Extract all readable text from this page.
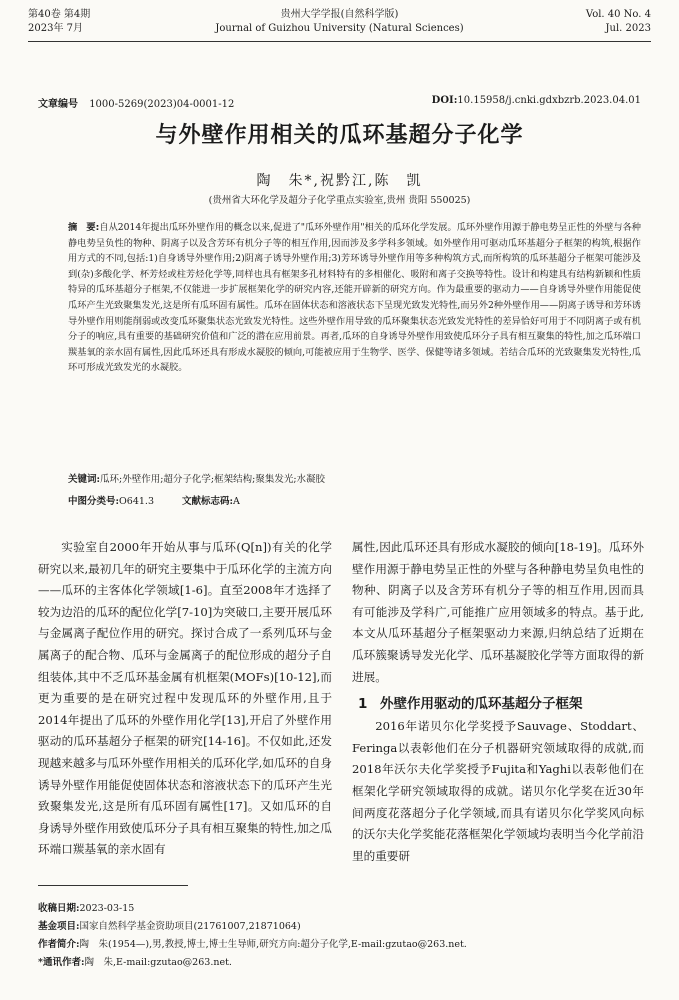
第40卷 第4期
2023年 7月
贵州大学学报(自然科学版)
Journal of Guizhou University (Natural Sciences)
Vol. 40 No. 4
Jul. 2023
文章编号 1000-5269(2023)04-0001-12	DOI:10.15958/j.cnki.gdxbzrb.2023.04.01
与外壁作用相关的瓜环基超分子化学
陶　朱*,祝黔江,陈　凯
(贵州省大环化学及超分子化学重点实验室,贵州 贵阳 550025)
摘　要:自从2014年提出瓜环外壁作用的概念以来,促进了"瓜环外壁作用"相关的瓜环化学发展。瓜环外壁作用源于静电势呈正性的外壁与各种静电势呈负性的物种、阴离子以及含芳环有机分子等的相互作用,因而涉及多学科多领域。如外壁作用可驱动瓜环基超分子框架的构筑,根据作用方式的不同,包括:1)自身诱导外壁作用;2)阴离子诱导外壁作用;3)芳环诱导外壁作用等多种构筑方式,而所构筑的瓜环基超分子框架可能涉及到(杂)多酸化学、杯芳烃或柱芳烃化学等,同样也具有框架多孔材料特有的多相催化、吸附和离子交换等特性。设计和构建具有结构新颖和性质特异的瓜环基超分子框架,不仅能进一步扩展框架化学的研究内容,还能开辟新的研究方向。作为最重要的驱动力——自身诱导外壁作用能促使瓜环产生光致聚集发光,这是所有瓜环固有属性。瓜环在固体状态和溶液状态下呈现光致发光特性,而另外2种外壁作用——阴离子诱导和芳环诱导外壁作用则能削弱或改变瓜环聚集状态光致发光特性。这些外壁作用导致的瓜环聚集状态光致发光特性的差异恰好可用于不同阴离子或有机分子的响应,具有重要的基础研究价值和广泛的潜在应用前景。再者,瓜环的自身诱导外壁作用致使瓜环分子具有相互聚集的特性,加之瓜环端口羰基氧的亲水固有属性,因此瓜环还具有形成水凝胶的倾向,可能被应用于生物学、医学、保健等诸多领域。若结合瓜环的光致聚集发光特性,瓜环可形成光致发光的水凝胶。
关键词:瓜环;外壁作用;超分子化学;框架结构;聚集发光;水凝胶
中图分类号:O641.3	文献标志码:A

实验室自2000年开始从事与瓜环(Q[n])有关的化学研究以来,最初几年的研究主要集中于瓜环化学的主流方向——瓜环的主客体化学领域[1-6]。直至2008年才选择了较为边沿的瓜环的配位化学[7-10]为突破口,主要开展瓜环与金属离子配位作用的研究。探讨合成了一系列瓜环与金属离子的配合物、瓜环与金属离子的配位形成的超分子自组装体,其中不乏瓜环基金属有机框架(MOFs)[10-12],而更为重要的是在研究过程中发现瓜环的外壁作用,且于2014年提出了瓜环的外壁作用化学[13],开启了外壁作用驱动的瓜环基超分子框架的研究[14-16]。不仅如此,还发现越来越多与瓜环外壁作用相关的瓜环化学,如瓜环的自身诱导外壁作用能促使固体状态和溶液状态下的瓜环产生光致聚集发光,这是所有瓜环固有属性[17]。又如瓜环的自身诱导外壁作用致使瓜环分子具有相互聚集的特性,加之瓜环端口羰基氧的亲水固有

属性,因此瓜环还具有形成水凝胶的倾向[18-19]。瓜环外壁作用源于静电势呈正性的外壁与各种静电势呈负电性的物种、阴离子以及含芳环有机分子等的相互作用,因而具有可能涉及学科广,可能推广应用领域多的特点。基于此,本文从瓜环基超分子框架驱动力来源,归纳总结了近期在瓜环簇聚诱导发光化学、瓜环基凝胶化学等方面取得的新进展。

1 外壁作用驱动的瓜环基超分子框架

2016年诺贝尔化学奖授予Sauvage、Stoddart、Feringa以表彰他们在分子机器研究领域取得的成就,而2018年沃尔夫化学奖授予Fujita和Yaghi以表彰他们在框架化学研究领域取得的成就。诺贝尔化学奖在近30年间两度花落超分子化学领域,而具有诺贝尔化学奖风向标的沃尔夫化学奖能花落框架化学领域均表明当今化学前沿里的重要研

收稿日期:2023-03-15
基金项目:国家自然科学基金资助项目(21761007,21871064)
作者简介:陶　朱(1954—),男,教授,博士,博士生导师,研究方向:超分子化学,E-mail:gzutao@263.net.
*通讯作者:陶　朱,E-mail:gzutao@263.net.
